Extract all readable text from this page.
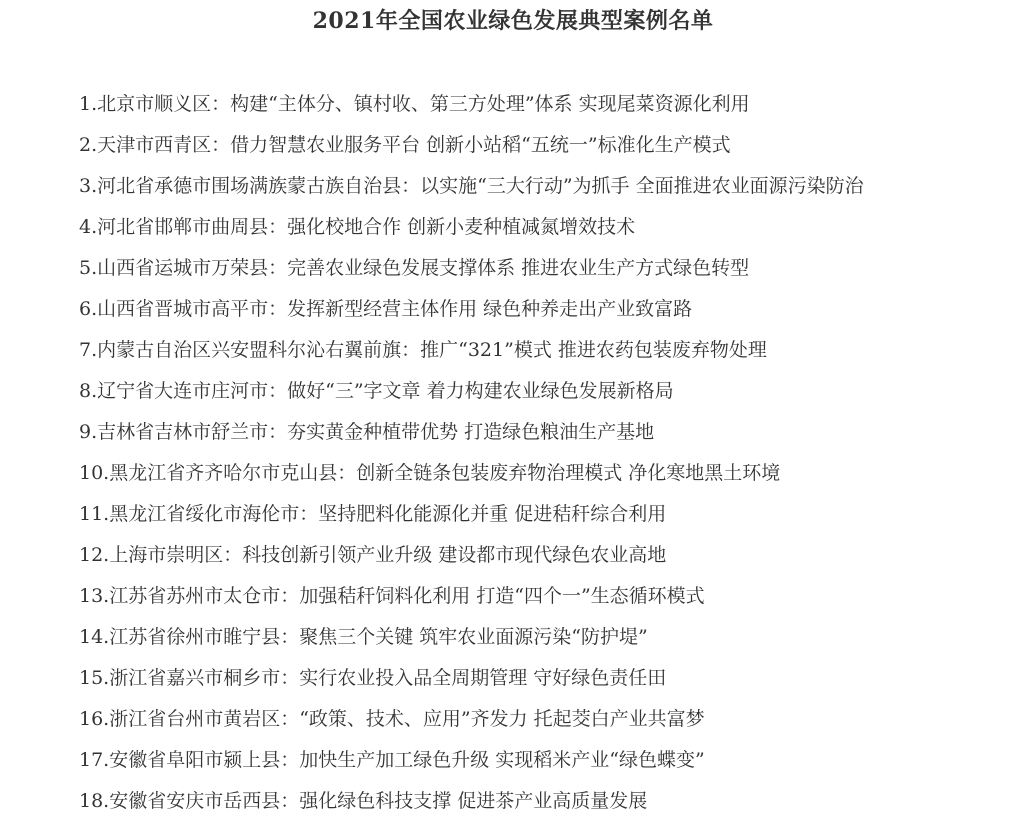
2021年全国农业绿色发展典型案例名单
1.北京市顺义区：构建“主体分、镇村收、第三方处理”体系 实现尾菜资源化利用
2.天津市西青区：借力智慧农业服务平台 创新小站稻“五统一”标准化生产模式
3.河北省承德市围场满族蒙古族自治县：以实施“三大行动”为抓手 全面推进农业面源污染防治
4.河北省邯郸市曲周县：强化校地合作 创新小麦种植减氮增效技术
5.山西省运城市万荣县：完善农业绿色发展支撑体系 推进农业生产方式绿色转型
6.山西省晋城市高平市：发挥新型经营主体作用 绿色种养走出产业致富路
7.内蒙古自治区兴安盟科尔沁右翼前旗：推广“321”模式 推进农药包装废弃物处理
8.辽宁省大连市庄河市：做好“三”字文章 着力构建农业绿色发展新格局
9.吉林省吉林市舒兰市：夯实黄金种植带优势 打造绿色粮油生产基地
10.黑龙江省齐齐哈尔市克山县：创新全链条包装废弃物治理模式 净化寒地黑土环境
11.黑龙江省绥化市海伦市：坚持肥料化能源化并重 促进秸秆综合利用
12.上海市崇明区：科技创新引领产业升级 建设都市现代绿色农业高地
13.江苏省苏州市太仓市：加强秸秆饲料化利用 打造“四个一”生态循环模式
14.江苏省徐州市睢宁县：聚焦三个关键 筑牢农业面源污染“防护堤”
15.浙江省嘉兴市桐乡市：实行农业投入品全周期管理 守好绿色责任田
16.浙江省台州市黄岩区：“政策、技术、应用”齐发力 托起茭白产业共富梦
17.安徽省阜阳市颍上县：加快生产加工绿色升级 实现稻米产业“绿色蝶变”
18.安徽省安庆市岳西县：强化绿色科技支撑 促进茶产业高质量发展
